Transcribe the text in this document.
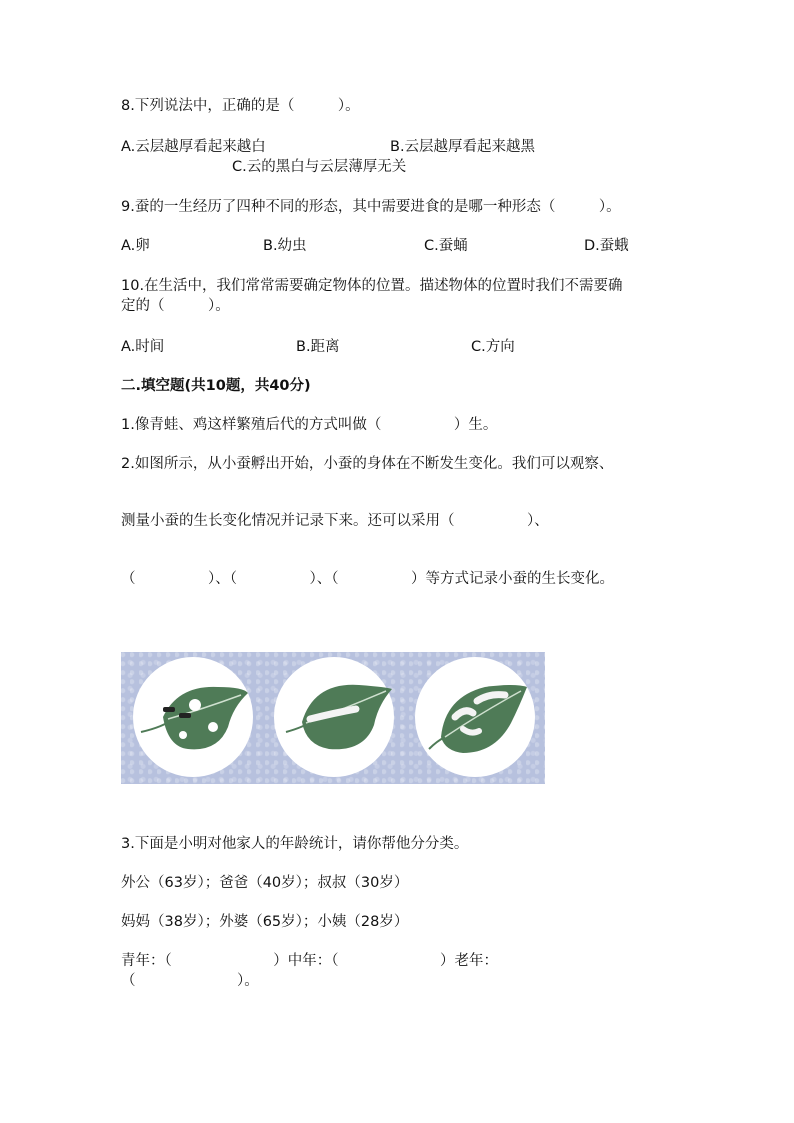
8.下列说法中，正确的是（　　　）。
A.云层越厚看起来越白	B.云层越厚看起来越黑
C.云的黑白与云层薄厚无关
9.蚕的一生经历了四种不同的形态，其中需要进食的是哪一种形态（　　　）。
A.卵	B.幼虫	C.蚕蛹	D.蚕蛾
10.在生活中，我们常常需要确定物体的位置。描述物体的位置时我们不需要确
定的（　　　）。
A.时间	B.距离	C.方向
二.填空题(共10题，共40分)
1.像青蛙、鸡这样繁殖后代的方式叫做（　　　　　）生。
2.如图所示，从小蚕孵出开始，小蚕的身体在不断发生变化。我们可以观察、
测量小蚕的生长变化情况并记录下来。还可以采用（　　　　　）、
（　　　　　）、（　　　　　）、（　　　　　）等方式记录小蚕的生长变化。
3.下面是小明对他家人的年龄统计，请你帮他分分类。
外公（63岁）；爸爸（40岁）；叔叔（30岁）
妈妈（38岁）；外婆（65岁）；小姨（28岁）
青年：（　　　　　　　）中年：（　　　　　　　）老年：
（　　　　　　　）。
